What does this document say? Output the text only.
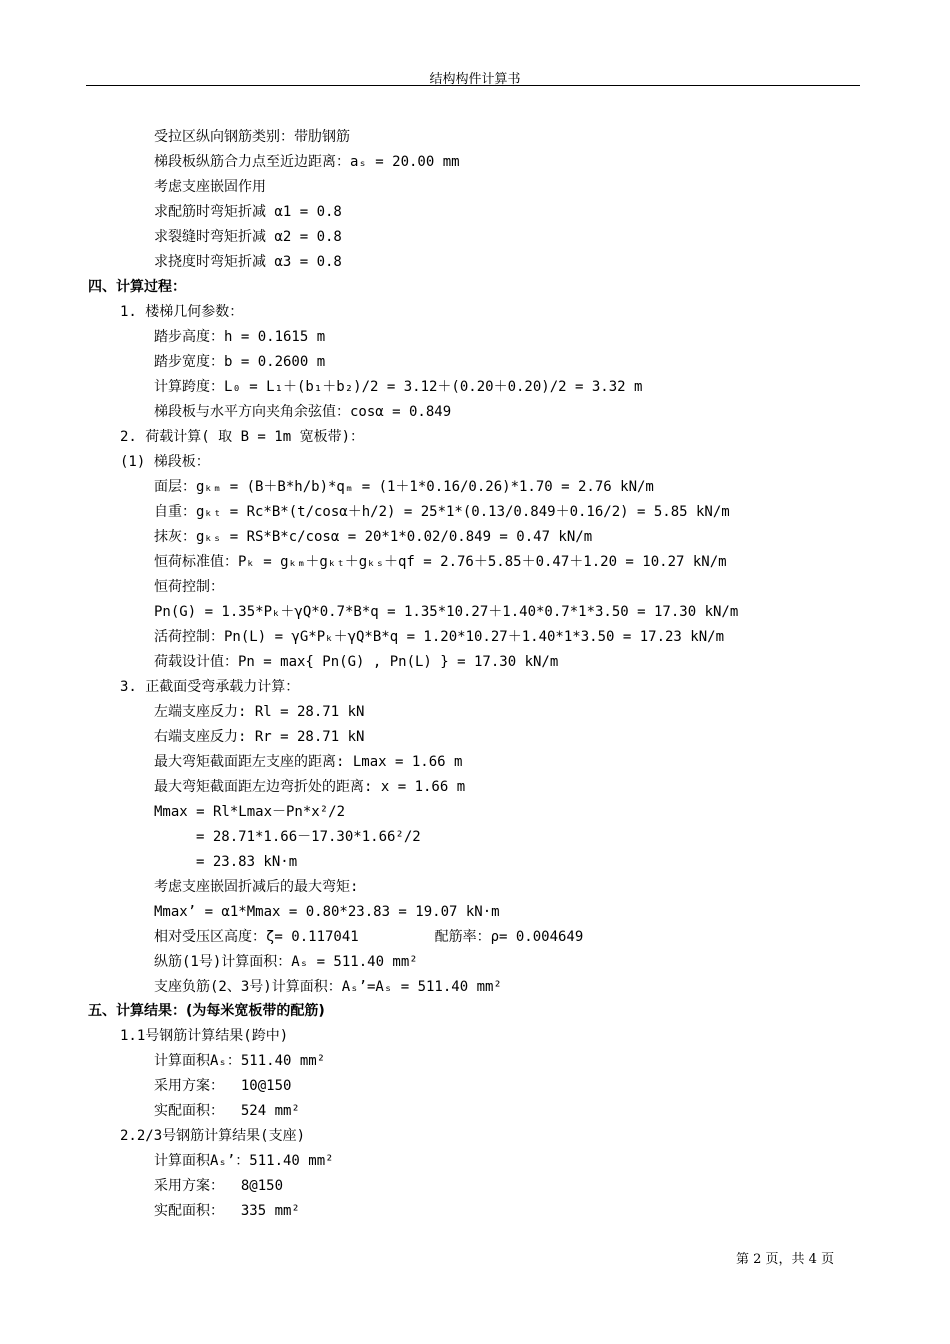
结构构件计算书
受拉区纵向钢筋类别：带肋钢筋
梯段板纵筋合力点至近边距离：aₛ = 20.00 mm
考虑支座嵌固作用
求配筋时弯矩折减 α1 = 0.8
求裂缝时弯矩折减 α2 = 0.8
求挠度时弯矩折减 α3 = 0.8
四、计算过程：
1. 楼梯几何参数：
踏步高度：h = 0.1615 m
踏步宽度：b = 0.2600 m
计算跨度：L₀ = L₁＋(b₁＋b₂)/2 = 3.12＋(0.20＋0.20)/2 = 3.32 m
梯段板与水平方向夹角余弦值：cosα = 0.849
2. 荷载计算( 取 B = 1m 宽板带)：
(1) 梯段板：
面层：gₖₘ = (B＋B*h/b)*qₘ = (1＋1*0.16/0.26)*1.70 = 2.76 kN/m
自重：gₖₜ = Rc*B*(t/cosα＋h/2) = 25*1*(0.13/0.849＋0.16/2) = 5.85 kN/m
抹灰：gₖₛ = RS*B*c/cosα = 20*1*0.02/0.849 = 0.47 kN/m
恒荷标准值：Pₖ = gₖₘ＋gₖₜ＋gₖₛ＋qf = 2.76＋5.85＋0.47＋1.20 = 10.27 kN/m
恒荷控制：
Pn(G) = 1.35*Pₖ＋γQ*0.7*B*q = 1.35*10.27＋1.40*0.7*1*3.50 = 17.30 kN/m
活荷控制：Pn(L) = γG*Pₖ＋γQ*B*q = 1.20*10.27＋1.40*1*3.50 = 17.23 kN/m
荷载设计值：Pn = max{ Pn(G) , Pn(L) } = 17.30 kN/m
3. 正截面受弯承载力计算：
左端支座反力: Rl = 28.71 kN
右端支座反力: Rr = 28.71 kN
最大弯矩截面距左支座的距离: Lmax = 1.66 m
最大弯矩截面距左边弯折处的距离: x = 1.66 m
Mmax = Rl*Lmax－Pn*x²/2
= 28.71*1.66－17.30*1.66²/2
= 23.83 kN·m
考虑支座嵌固折减后的最大弯矩:
Mmax’ = α1*Mmax = 0.80*23.83 = 19.07 kN·m
相对受压区高度：ζ= 0.117041         配筋率：ρ= 0.004649
纵筋(1号)计算面积：Aₛ = 511.40 mm²
支座负筋(2、3号)计算面积：Aₛ’=Aₛ = 511.40 mm²
五、计算结果：(为每米宽板带的配筋)
1.1号钢筋计算结果(跨中)
计算面积Aₛ：511.40 mm²
采用方案：  10@150
实配面积：  524 mm²
2.2/3号钢筋计算结果(支座)
计算面积Aₛ’：511.40 mm²
采用方案：  8@150
实配面积：  335 mm²
第 2 页，共 4 页
